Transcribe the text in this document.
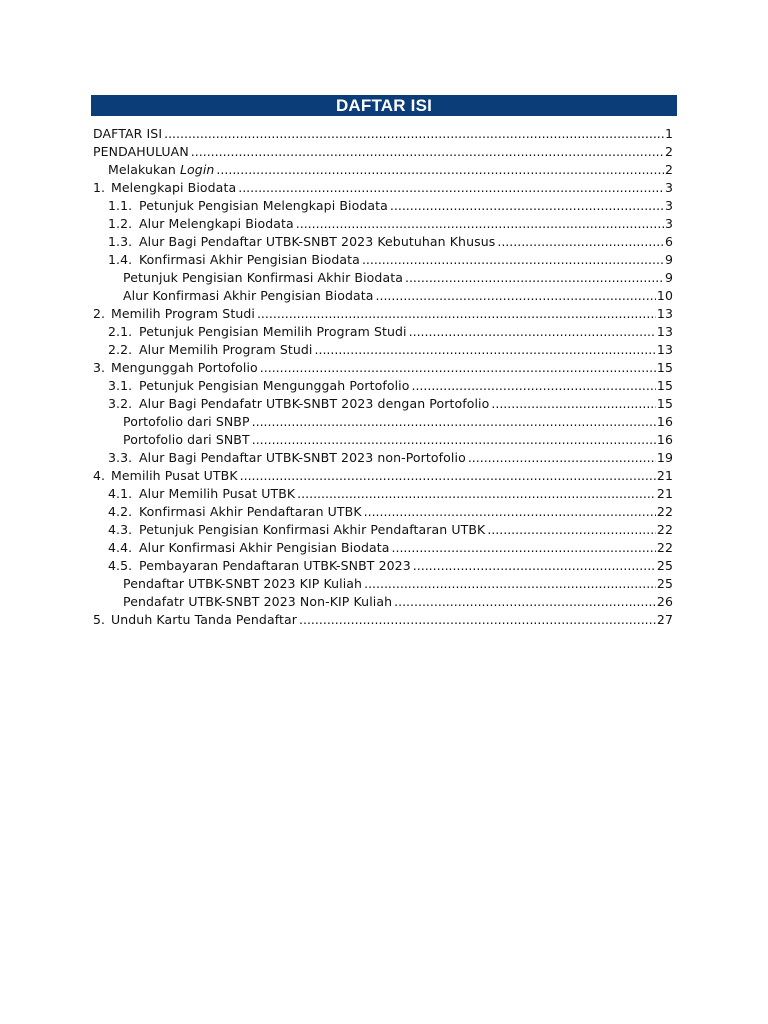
DAFTAR ISI
DAFTAR ISI .....	1
PENDAHULUAN .....	2
Melakukan Login .....	2
1. Melengkapi Biodata .....	3
1.1. Petunjuk Pengisian Melengkapi Biodata .....	3
1.2. Alur Melengkapi Biodata .....	3
1.3. Alur Bagi Pendaftar UTBK-SNBT 2023 Kebutuhan Khusus .....	6
1.4. Konfirmasi Akhir Pengisian Biodata .....	9
Petunjuk Pengisian Konfirmasi Akhir Biodata .....	9
Alur Konfirmasi Akhir Pengisian Biodata .....	10
2. Memilih Program Studi .....	13
2.1. Petunjuk Pengisian Memilih Program Studi .....	13
2.2. Alur Memilih Program Studi .....	13
3. Mengunggah Portofolio .....	15
3.1. Petunjuk Pengisian Mengunggah Portofolio .....	15
3.2. Alur Bagi Pendafatr UTBK-SNBT 2023 dengan Portofolio .....	15
Portofolio dari SNBP .....	16
Portofolio dari SNBT .....	16
3.3. Alur Bagi Pendaftar UTBK-SNBT 2023 non-Portofolio .....	19
4. Memilih Pusat UTBK .....	21
4.1. Alur Memilih Pusat UTBK .....	21
4.2. Konfirmasi Akhir Pendaftaran UTBK .....	22
4.3. Petunjuk Pengisian Konfirmasi Akhir Pendaftaran UTBK .....	22
4.4. Alur Konfirmasi Akhir Pengisian Biodata .....	22
4.5. Pembayaran Pendaftaran UTBK-SNBT 2023 .....	25
Pendaftar UTBK-SNBT 2023 KIP Kuliah .....	25
Pendafatr UTBK-SNBT 2023 Non-KIP Kuliah .....	26
5. Unduh Kartu Tanda Pendaftar .....	27
